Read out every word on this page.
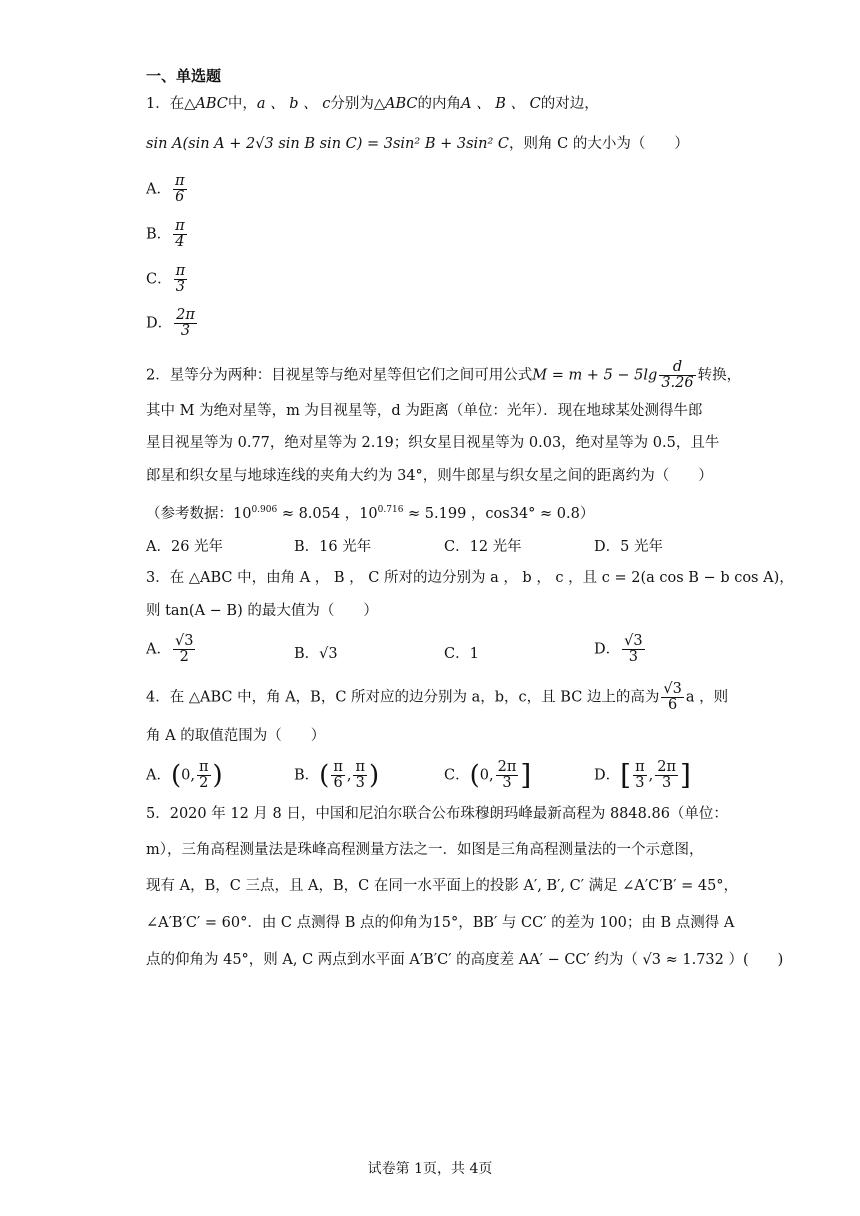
一、单选题
1．在△ABC中，a 、 b 、 c分别为△ABC的内角A 、 B 、 C的对边，
sin A(sin A + 2√3 sin B sin C) = 3sin² B + 3sin² C，则角 C 的大小为（　　）
A． $\frac{\pi}{6}$
B． $\frac{\pi}{4}$
C． $\frac{\pi}{3}$
D． $\frac{2\pi}{3}$
2．星等分为两种：目视星等与绝对星等但它们之间可用公式$M = m + 5 - 5\lg \frac{d}{3.26}$ 转换，
其中 M 为绝对星等，m 为目视星等，d 为距离（单位：光年）．现在地球某处测得牛郎
星目视星等为 0.77，绝对星等为 2.19；织女星目视星等为 0.03，绝对星等为 0.5，且牛
郎星和织女星与地球连线的夹角大约为 34°，则牛郎星与织女星之间的距离约为（　　）
（参考数据：$10^{0.906} \approx 8.054$ ，$10^{0.716} \approx 5.199$ ，cos34° ≈ 0.8）
A．26 光年	B．16 光年	C．12 光年	D．5 光年
3．在 △ABC 中，由角 A ， B ， C 所对的边分别为 a ， b ， c ，且 c = 2(a cos B − b cos A)，
则 tan(A − B) 的最大值为（　　）
A． $\frac{√3}{2}$	B．√3	C．1	D． $\frac{√3}{3}$
4．在 △ABC 中，角 A，B，C 所对应的边分别为 a，b，c，且 BC 边上的高为 $\frac{√3}{6}$ a ，则
角 A 的取值范围为（　　）
A．(0, $\frac{\pi}{2}$ )	B．( $\frac{\pi}{6}$ , $\frac{\pi}{3}$ )	C．(0, $\frac{2\pi}{3}$ ]	D．[ $\frac{\pi}{3}$ , $\frac{2\pi}{3}$ ]
5．2020 年 12 月 8 日，中国和尼泊尔联合公布珠穆朗玛峰最新高程为 8848.86（单位：
m），三角高程测量法是珠峰高程测量方法之一．如图是三角高程测量法的一个示意图，
现有 A，B，C 三点，且 A，B，C 在同一水平面上的投影 A′, B′, C′ 满足 ∠A′C′B′ = 45°，
∠A′B′C′ = 60°．由 C 点测得 B 点的仰角为15°，BB′ 与 CC′ 的差为 100；由 B 点测得 A
点的仰角为 45°，则 A, C 两点到水平面 A′B′C′ 的高度差 AA′ − CC′ 约为（ √3 ≈ 1.732 ）(　　)
试卷第 1页，共 4页
